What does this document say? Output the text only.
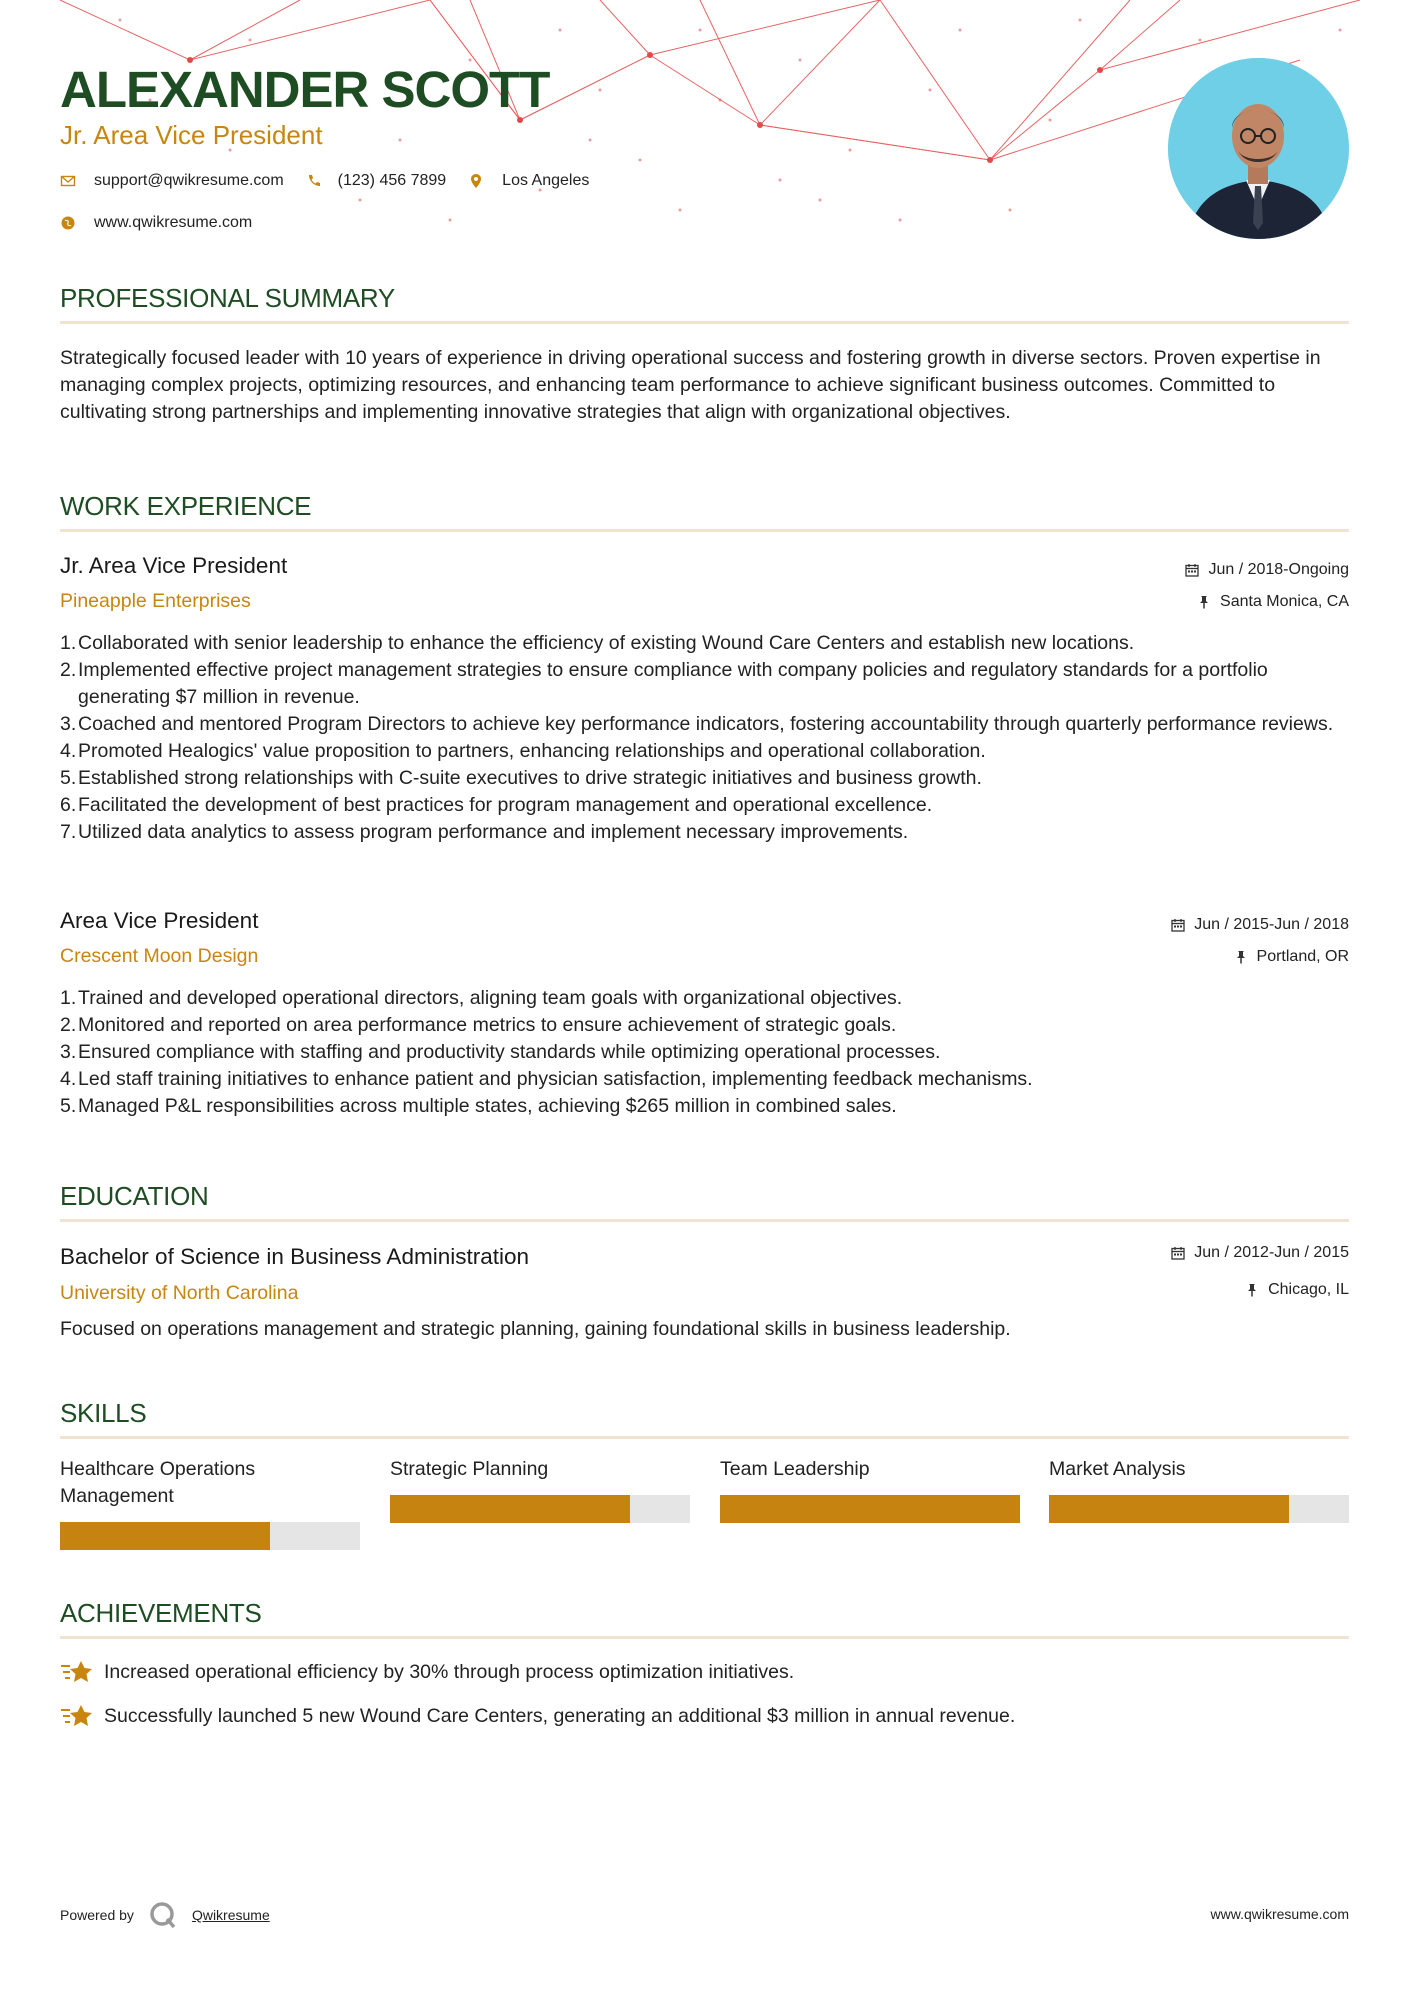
ALEXANDER SCOTT
Jr. Area Vice President
support@qwikresume.com	(123) 456 7899	Los Angeles
www.qwikresume.com
PROFESSIONAL SUMMARY
Strategically focused leader with 10 years of experience in driving operational success and fostering growth in diverse sectors. Proven expertise in managing complex projects, optimizing resources, and enhancing team performance to achieve significant business outcomes. Committed to cultivating strong partnerships and implementing innovative strategies that align with organizational objectives.
WORK EXPERIENCE
Jr. Area Vice President
Pineapple Enterprises
Jun / 2018-Ongoing
Santa Monica, CA
1. Collaborated with senior leadership to enhance the efficiency of existing Wound Care Centers and establish new locations.
2. Implemented effective project management strategies to ensure compliance with company policies and regulatory standards for a portfolio generating $7 million in revenue.
3. Coached and mentored Program Directors to achieve key performance indicators, fostering accountability through quarterly performance reviews.
4. Promoted Healogics' value proposition to partners, enhancing relationships and operational collaboration.
5. Established strong relationships with C-suite executives to drive strategic initiatives and business growth.
6. Facilitated the development of best practices for program management and operational excellence.
7. Utilized data analytics to assess program performance and implement necessary improvements.
Area Vice President
Crescent Moon Design
Jun / 2015-Jun / 2018
Portland, OR
1. Trained and developed operational directors, aligning team goals with organizational objectives.
2. Monitored and reported on area performance metrics to ensure achievement of strategic goals.
3. Ensured compliance with staffing and productivity standards while optimizing operational processes.
4. Led staff training initiatives to enhance patient and physician satisfaction, implementing feedback mechanisms.
5. Managed P&L responsibilities across multiple states, achieving $265 million in combined sales.
EDUCATION
Bachelor of Science in Business Administration
University of North Carolina
Jun / 2012-Jun / 2015
Chicago, IL
Focused on operations management and strategic planning, gaining foundational skills in business leadership.
SKILLS
Healthcare Operations Management
Strategic Planning	Team Leadership	Market Analysis
ACHIEVEMENTS
Increased operational efficiency by 30% through process optimization initiatives.
Successfully launched 5 new Wound Care Centers, generating an additional $3 million in annual revenue.
Powered by	Qwikresume	www.qwikresume.com
